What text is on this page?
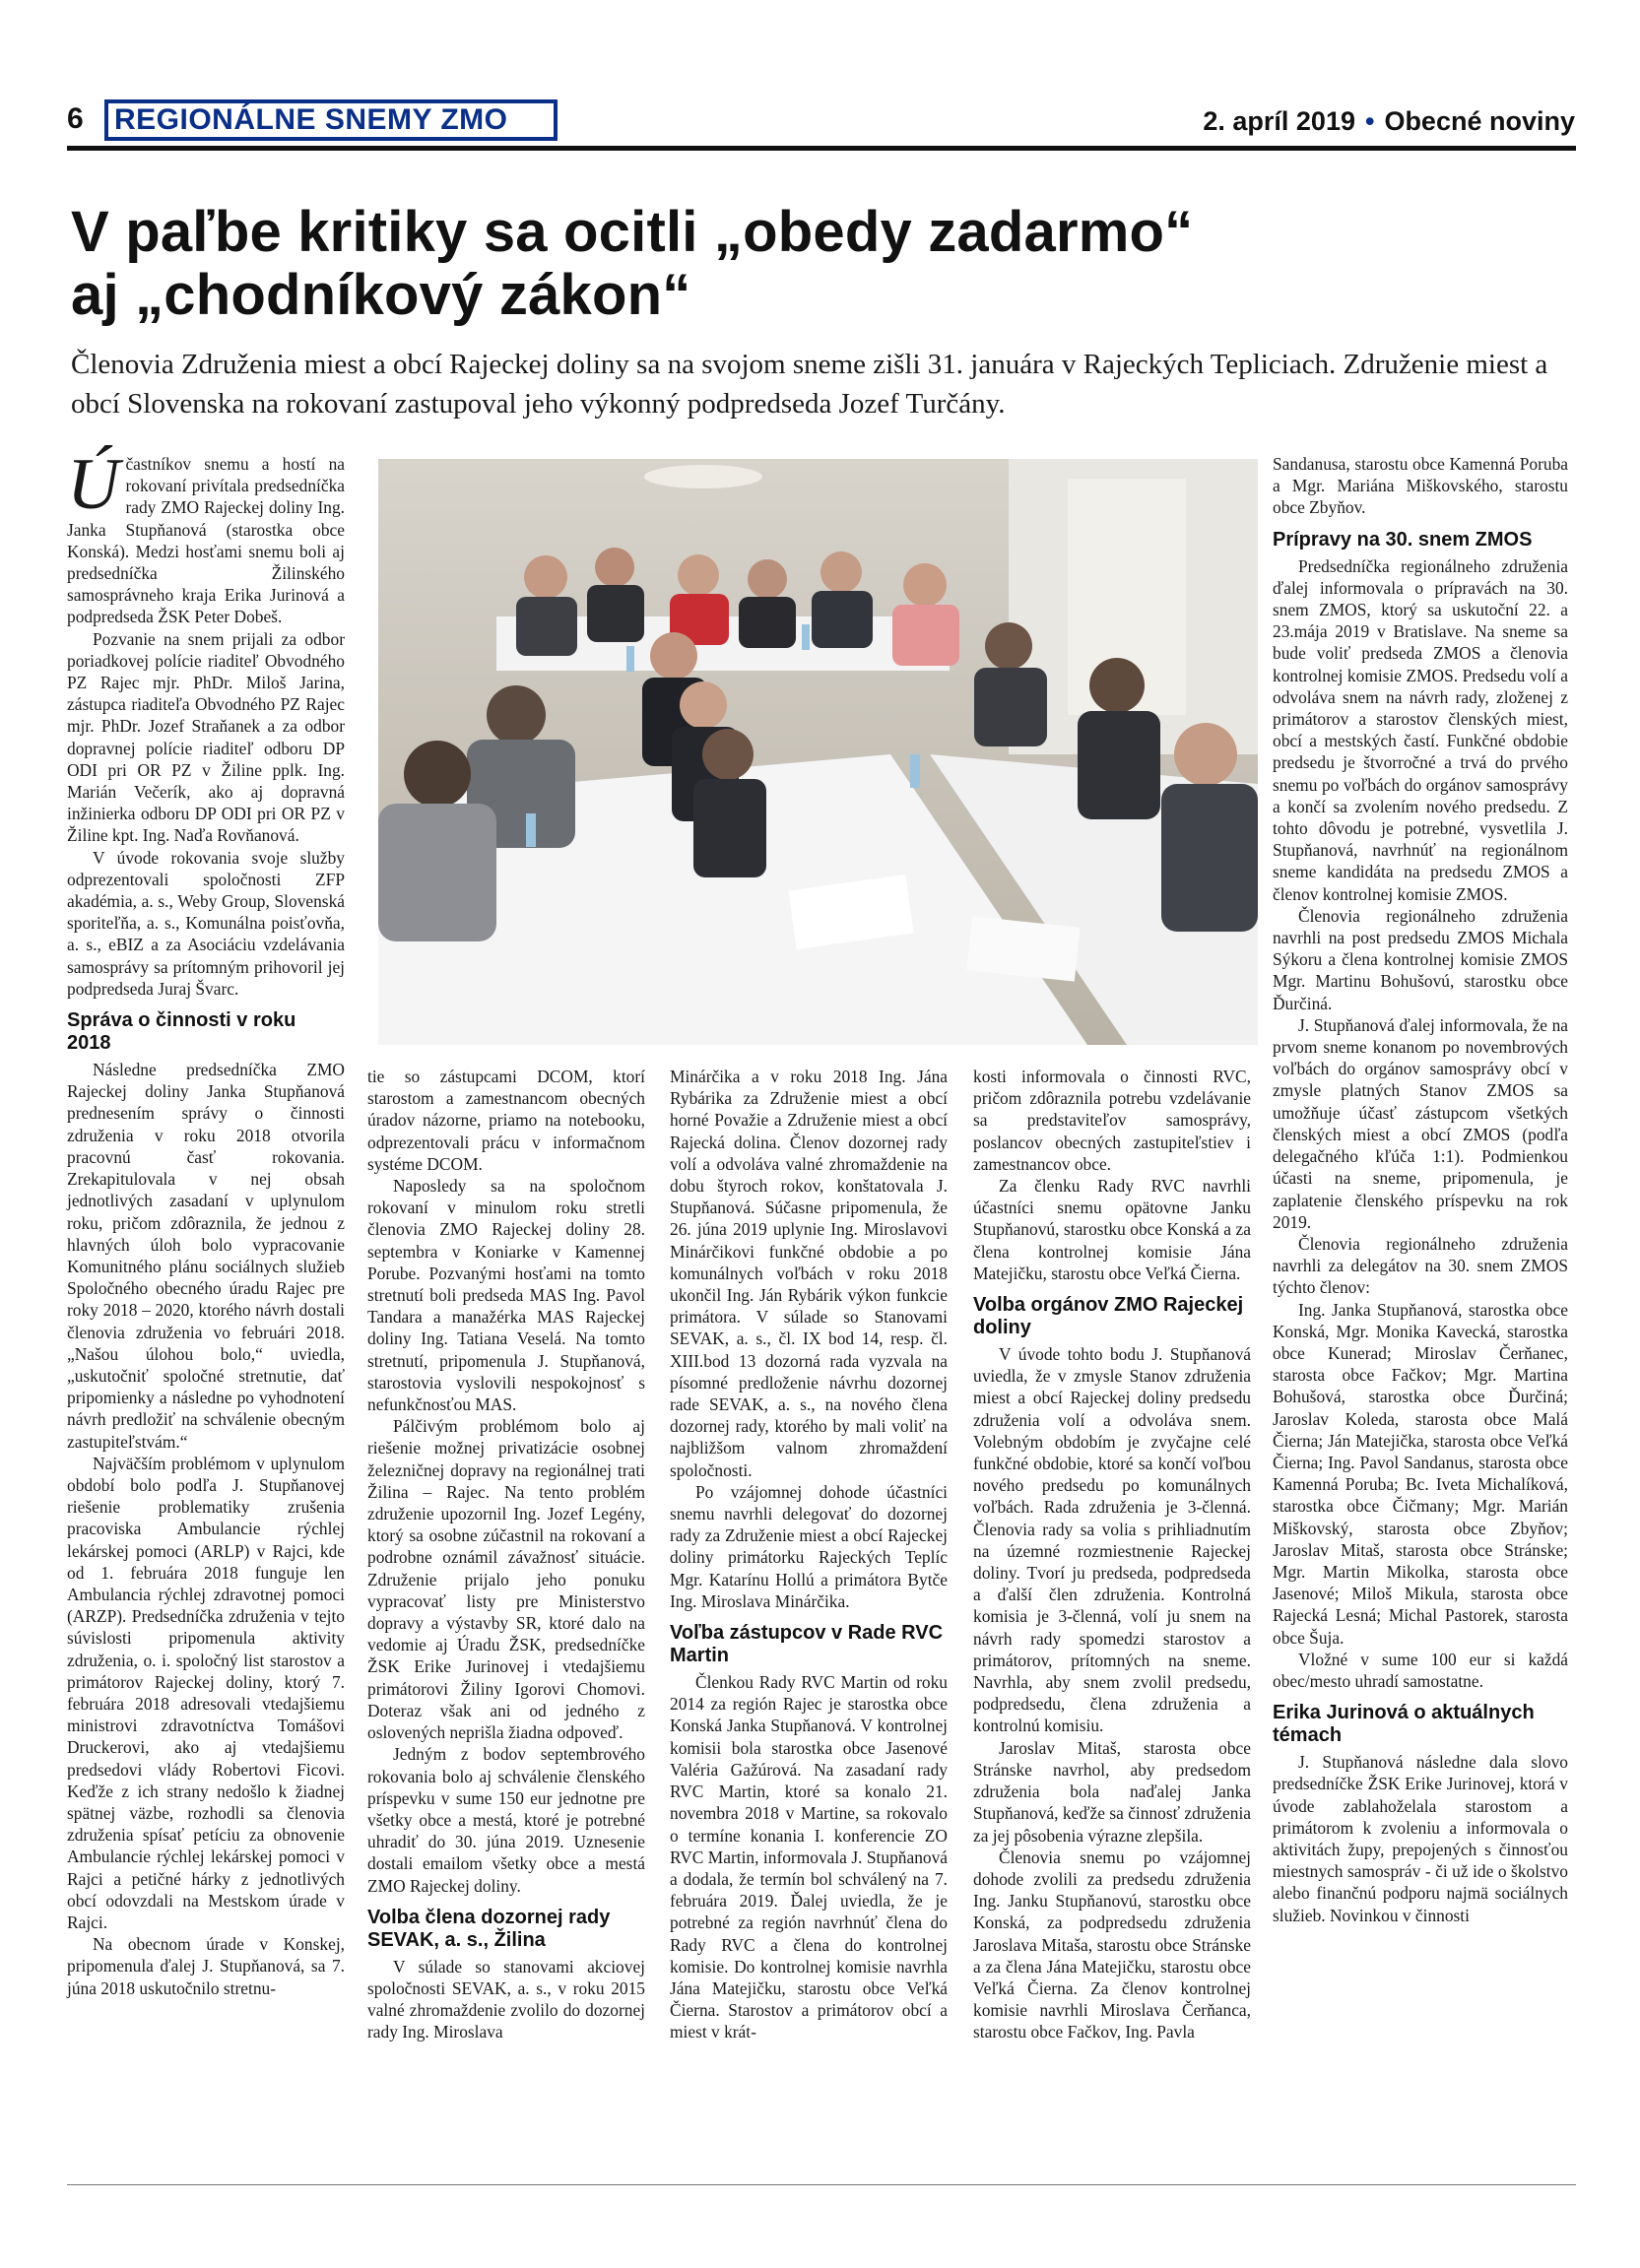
6	REGIONÁLNE SNEMY ZMO	2. apríl 2019 • Obecné noviny
V paľbe kritiky sa ocitli „obedy zadarmo“
aj „chodníkový zákon“
Členovia Združenia miest a obcí Rajeckej doliny sa na svojom sneme zišli 31. januára v Rajeckých Tepliciach. Združenie miest a obcí Slovenska na rokovaní zastupoval jeho výkonný podpredseda Jozef Turčány.

Účastníkov snemu a hostí na rokovaní privítala predsedníčka rady ZMO Rajeckej doliny Ing. Janka Stupňanová (starostka obce Konská). Medzi hosťami snemu boli aj predsedníčka Žilinského samosprávneho kraja Erika Jurinová a podpredseda ŽSK Peter Dobeš.

Pozvanie na snem prijali za odbor poriadkovej polície riaditeľ Obvodného PZ Rajec mjr. PhDr. Miloš Jarina, zástupca riaditeľa Obvodného PZ Rajec mjr. PhDr. Jozef Straňanek a za odbor dopravnej polície riaditeľ odboru DP ODI pri OR PZ v Žiline pplk. Ing. Marián Večerík, ako aj dopravná inžinierka odboru DP ODI pri OR PZ v Žiline kpt. Ing. Naďa Rovňanová.

V úvode rokovania svoje služby odprezentovali spoločnosti ZFP akadémia, a. s., Weby Group, Slovenská sporiteľňa, a. s., Komunálna poisťovňa, a. s., eBIZ a za Asociáciu vzdelávania samosprávy sa prítomným prihovoril jej podpredseda Juraj Švarc.

Správa o činnosti v roku 2018

Následne predsedníčka ZMO Rajeckej doliny Janka Stupňanová prednesením správy o činnosti združenia v roku 2018 otvorila pracovnú časť rokovania. Zrekapitulovala v nej obsah jednotlivých zasadaní v uplynulom roku, pričom zdôraznila, že jednou z hlavných úloh bolo vypracovanie Komunitného plánu sociálnych služieb Spoločného obecného úradu Rajec pre roky 2018 – 2020, ktorého návrh dostali členovia združenia vo februári 2018. „Našou úlohou bolo,“ uviedla, „uskutočniť spoločné stretnutie, dať pripomienky a následne po vyhodnotení návrh predložiť na schválenie obecným zastupiteľstvám.“

Najväčším problémom v uplynulom období bolo podľa J. Stupňanovej riešenie problematiky zrušenia pracoviska Ambulancie rýchlej lekárskej pomoci (ARLP) v Rajci, kde od 1. februára 2018 funguje len Ambulancia rýchlej zdravotnej pomoci (ARZP). Predsedníčka združenia v tejto súvislosti pripomenula aktivity združenia, o. i. spoločný list starostov a primátorov Rajeckej doliny, ktorý 7. februára 2018 adresovali vtedajšiemu ministrovi zdravotníctva Tomášovi Druckerovi, ako aj vtedajšiemu predsedovi vlády Robertovi Ficovi. Keďže z ich strany nedošlo k žiadnej spätnej väzbe, rozhodli sa členovia združenia spísať petíciu za obnovenie Ambulancie rýchlej lekárskej pomoci v Rajci a petičné hárky z jednotlivých obcí odovzdali na Mestskom úrade v Rajci.

Na obecnom úrade v Konskej, pripomenula ďalej J. Stupňanová, sa 7. júna 2018 uskutočnilo stretnu-

tie so zástupcami DCOM, ktorí starostom a zamestnancom obecných úradov názorne, priamo na notebooku, odprezentovali prácu v informačnom systéme DCOM.

Naposledy sa na spoločnom rokovaní v minulom roku stretli členovia ZMO Rajeckej doliny 28. septembra v Koniarke v Kamennej Porube. Pozvanými hosťami na tomto stretnutí boli predseda MAS Ing. Pavol Tandara a manažérka MAS Rajeckej doliny Ing. Tatiana Veselá. Na tomto stretnutí, pripomenula J. Stupňanová, starostovia vyslovili nespokojnosť s nefunkčnosťou MAS.

Pálčivým problémom bolo aj riešenie možnej privatizácie osobnej železničnej dopravy na regionálnej trati Žilina – Rajec. Na tento problém združenie upozornil Ing. Jozef Legény, ktorý sa osobne zúčastnil na rokovaní a podrobne oznámil závažnosť situácie. Združenie prijalo jeho ponuku vypracovať listy pre Ministerstvo dopravy a výstavby SR, ktoré dalo na vedomie aj Úradu ŽSK, predsedníčke ŽSK Erike Jurinovej i vtedajšiemu primátorovi Žiliny Igorovi Chomovi. Doteraz však ani od jedného z oslovených neprišla žiadna odpoveď.

Jedným z bodov septembrového rokovania bolo aj schválenie členského príspevku v sume 150 eur jednotne pre všetky obce a mestá, ktoré je potrebné uhradiť do 30. júna 2019. Uznesenie dostali emailom všetky obce a mestá ZMO Rajeckej doliny.

Volba člena dozornej rady SEVAK, a. s., Žilina

V súlade so stanovami akciovej spoločnosti SEVAK, a. s., v roku 2015 valné zhromaždenie zvolilo do dozornej rady Ing. Miroslava

Minárčika a v roku 2018 Ing. Jána Rybárika za Združenie miest a obcí horné Považie a Združenie miest a obcí Rajecká dolina. Členov dozornej rady volí a odvoláva valné zhromaždenie na dobu štyroch rokov, konštatovala J. Stupňanová. Súčasne pripomenula, že 26. júna 2019 uplynie Ing. Miroslavovi Minárčikovi funkčné obdobie a po komunálnych voľbách v roku 2018 ukončil Ing. Ján Rybárik výkon funkcie primátora. V súlade so Stanovami SEVAK, a. s., čl. IX bod 14, resp. čl. XIII.bod 13 dozorná rada vyzvala na písomné predloženie návrhu dozornej rade SEVAK, a. s., na nového člena dozornej rady, ktorého by mali voliť na najbližšom valnom zhromaždení spoločnosti.

Po vzájomnej dohode účastníci snemu navrhli delegovať do dozornej rady za Združenie miest a obcí Rajeckej doliny primátorku Rajeckých Teplíc Mgr. Katarínu Hollú a primátora Bytče Ing. Miroslava Minárčika.

Voľba zástupcov v Rade RVC Martin

Členkou Rady RVC Martin od roku 2014 za región Rajec je starostka obce Konská Janka Stupňanová. V kontrolnej komisii bola starostka obce Jasenové Valéria Gažúrová. Na zasadaní rady RVC Martin, ktoré sa konalo 21. novembra 2018 v Martine, sa rokovalo o termíne konania I. konferencie ZO RVC Martin, informovala J. Stupňanová a dodala, že termín bol schválený na 7. februára 2019. Ďalej uviedla, že je potrebné za región navrhnúť člena do Rady RVC a člena do kontrolnej komisie. Do kontrolnej komisie navrhla Jána Matejičku, starostu obce Veľká Čierna. Starostov a primátorov obcí a miest v krát-

kosti informovala o činnosti RVC, pričom zdôraznila potrebu vzdelávanie sa predstaviteľov samosprávy, poslancov obecných zastupiteľstiev i zamestnancov obce.

Za členku Rady RVC navrhli účastníci snemu opätovne Janku Stupňanovú, starostku obce Konská a za člena kontrolnej komisie Jána Matejičku, starostu obce Veľká Čierna.

Volba orgánov ZMO Rajeckej doliny

V úvode tohto bodu J. Stupňanová uviedla, že v zmysle Stanov združenia miest a obcí Rajeckej doliny predsedu združenia volí a odvoláva snem. Volebným obdobím je zvyčajne celé funkčné obdobie, ktoré sa končí voľbou nového predsedu po komunálnych voľbách. Rada združenia je 3-členná. Členovia rady sa volia s prihliadnutím na územné rozmiestnenie Rajeckej doliny. Tvorí ju predseda, podpredseda a ďalší člen združenia. Kontrolná komisia je 3-členná, volí ju snem na návrh rady spomedzi starostov a primátorov, prítomných na sneme. Navrhla, aby snem zvolil predsedu, podpredsedu, člena združenia a kontrolnú komisiu.

Jaroslav Mitaš, starosta obce Stránske navrhol, aby predsedom združenia bola naďalej Janka Stupňanová, keďže sa činnosť združenia za jej pôsobenia výrazne zlepšila.

Členovia snemu po vzájomnej dohode zvolili za predsedu združenia Ing. Janku Stupňanovú, starostku obce Konská, za podpredsedu združenia Jaroslava Mitaša, starostu obce Stránske a za člena Jána Matejičku, starostu obce Veľká Čierna. Za členov kontrolnej komisie navrhli Miroslava Čerňanca, starostu obce Fačkov, Ing. Pavla

Sandanusa, starostu obce Kamenná Poruba a Mgr. Mariána Miškovského, starostu obce Zbyňov.

Prípravy na 30. snem ZMOS

Predsedníčka regionálneho združenia ďalej informovala o prípravách na 30. snem ZMOS, ktorý sa uskutoční 22. a 23.mája 2019 v Bratislave. Na sneme sa bude voliť predseda ZMOS a členovia kontrolnej komisie ZMOS. Predsedu volí a odvoláva snem na návrh rady, zloženej z primátorov a starostov členských miest, obcí a mestských častí. Funkčné obdobie predsedu je štvorročné a trvá do prvého snemu po voľbách do orgánov samosprávy a končí sa zvolením nového predsedu. Z tohto dôvodu je potrebné, vysvetlila J. Stupňanová, navrhnúť na regionálnom sneme kandidáta na predsedu ZMOS a členov kontrolnej komisie ZMOS.

Členovia regionálneho združenia navrhli na post predsedu ZMOS Michala Sýkoru a člena kontrolnej komisie ZMOS Mgr. Martinu Bohušovú, starostku obce Ďurčiná.

J. Stupňanová ďalej informovala, že na prvom sneme konanom po novembrových voľbách do orgánov samosprávy obcí v zmysle platných Stanov ZMOS sa umožňuje účasť zástupcom všetkých členských miest a obcí ZMOS (podľa delegačného kľúča 1:1). Podmienkou účasti na sneme, pripomenula, je zaplatenie členského príspevku na rok 2019.

Členovia regionálneho združenia navrhli za delegátov na 30. snem ZMOS týchto členov:

Ing. Janka Stupňanová, starostka obce Konská, Mgr. Monika Kavecká, starostka obce Kunerad; Miroslav Čerňanec, starosta obce Fačkov; Mgr. Martina Bohušová, starostka obce Ďurčiná; Jaroslav Koleda, starosta obce Malá Čierna; Ján Matejička, starosta obce Veľká Čierna; Ing. Pavol Sandanus, starosta obce Kamenná Poruba; Bc. Iveta Michalíková, starostka obce Čičmany; Mgr. Marián Miškovský, starosta obce Zbyňov; Jaroslav Mitaš, starosta obce Stránske; Mgr. Martin Mikolka, starosta obce Jasenové; Miloš Mikula, starosta obce Rajecká Lesná; Michal Pastorek, starosta obce Šuja.

Vložné v sume 100 eur si každá obec/mesto uhradí samostatne.

Erika Jurinová o aktuálnych témach

J. Stupňanová následne dala slovo predsedníčke ŽSK Erike Jurinovej, ktorá v úvode zablahoželala starostom a primátorom k zvoleniu a informovala o aktivitách župy, prepojených s činnosťou miestnych samospráv - či už ide o školstvo alebo finančnú podporu najmä sociálnych služieb. Novinkou v činnosti
